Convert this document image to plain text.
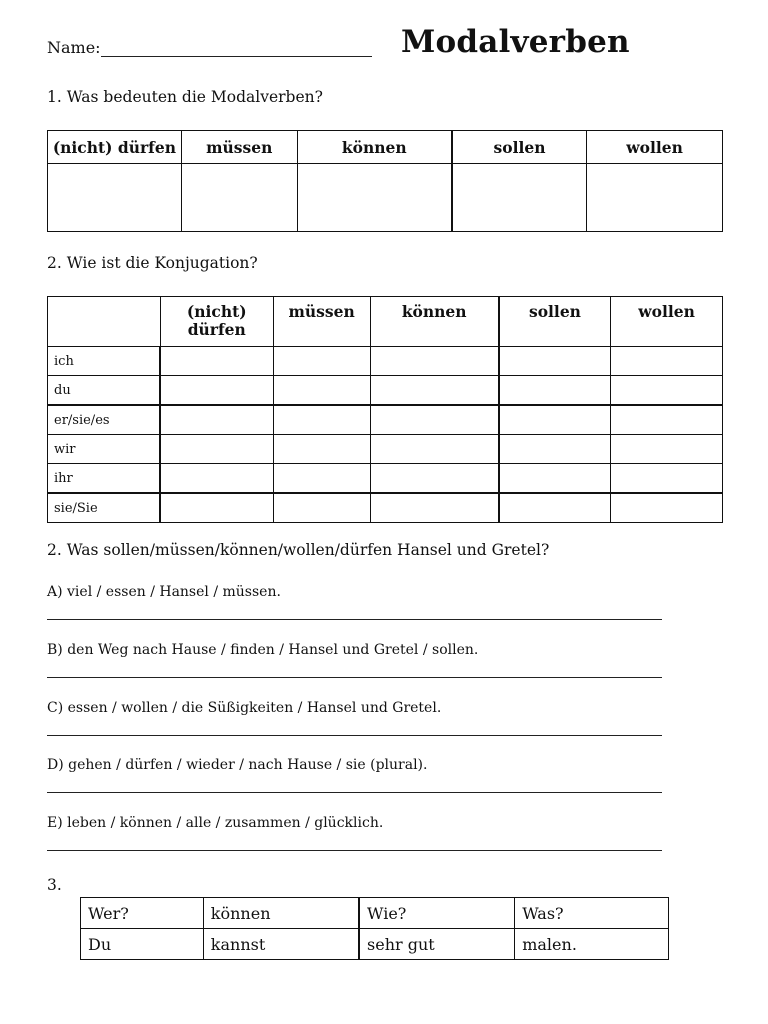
Name:	Modalverben
1. Was bedeuten die Modalverben?
(nicht) dürfen	müssen	können	sollen	wollen

2. Wie ist die Konjugation?
	(nicht) dürfen	müssen	können	sollen	wollen
ich					
du					
er/sie/es					
wir					
ihr					
sie/Sie					
2. Was sollen/müssen/können/wollen/dürfen Hansel und Gretel?
A) viel / essen / Hansel / müssen.
B) den Weg nach Hause / finden / Hansel und Gretel / sollen.
C) essen / wollen / die Süßigkeiten / Hansel und Gretel.
D) gehen / dürfen / wieder / nach Hause / sie (plural).
E) leben / können / alle / zusammen / glücklich.
3.
Wer?	können	Wie?	Was?
Du	kannst	sehr gut	malen.
